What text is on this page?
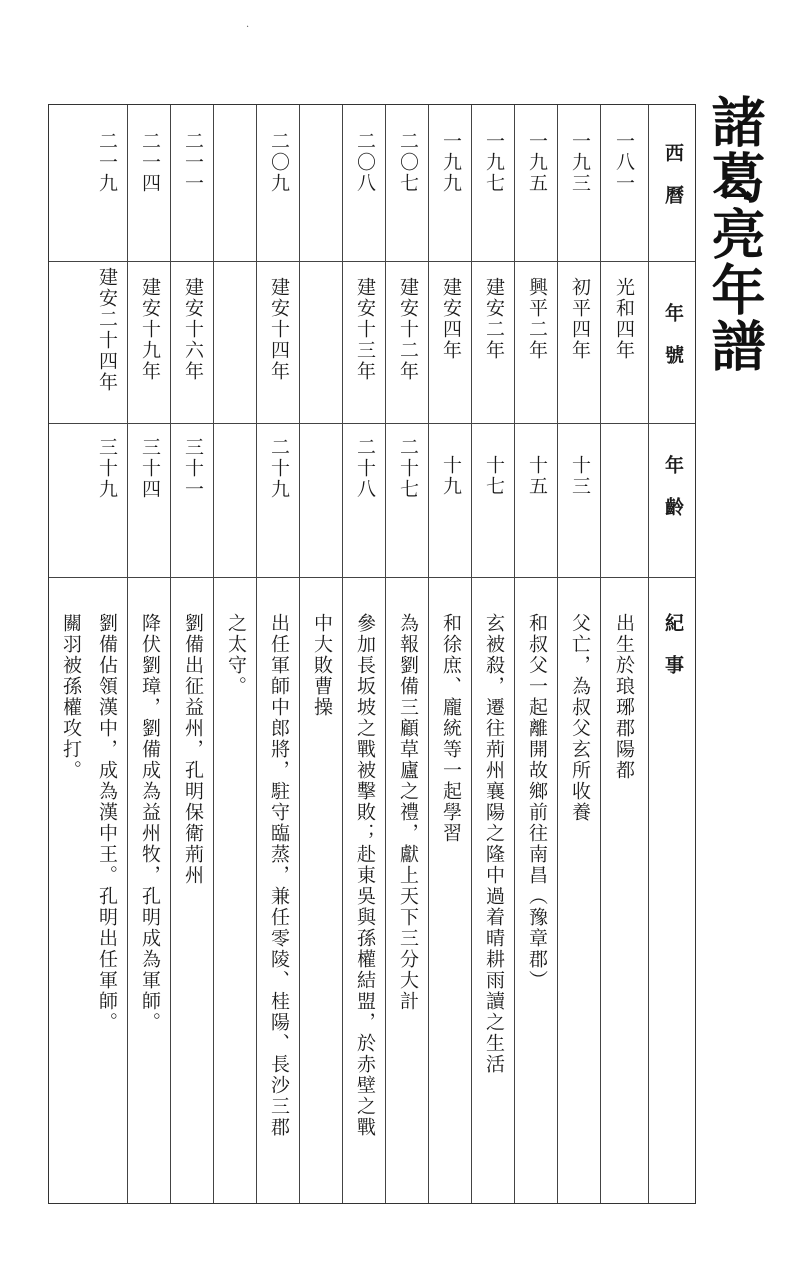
·
諸葛亮年譜
西　曆
年　號
年　齡
紀　事
一八一
光和四年
出生於琅琊郡陽都
一九三
初平四年
十三
父亡，為叔父玄所收養
一九五
興平二年
十五
和叔父一起離開故鄉前往南昌（豫章郡）
一九七
建安二年
十七
玄被殺，遷往荊州襄陽之隆中過着晴耕雨讀之生活
一九九
建安四年
十九
和徐庶、龐統等一起學習
二〇七
建安十二年
二十七
為報劉備三顧草廬之禮，獻上天下三分大計
二〇八
建安十三年
二十八
參加長坂坡之戰被擊敗；赴東吳與孫權結盟，於赤壁之戰
中大敗曹操
二〇九
建安十四年
二十九
出任軍師中郎將，駐守臨蒸，兼任零陵、桂陽、長沙三郡
之太守。
二一一
建安十六年
三十一
劉備出征益州，孔明保衛荊州
二一四
建安十九年
三十四
降伏劉璋，劉備成為益州牧，孔明成為軍師。
二一九
建安二十四年
三十九
劉備佔領漢中，成為漢中王。孔明出任軍師。
關羽被孫權攻打。
